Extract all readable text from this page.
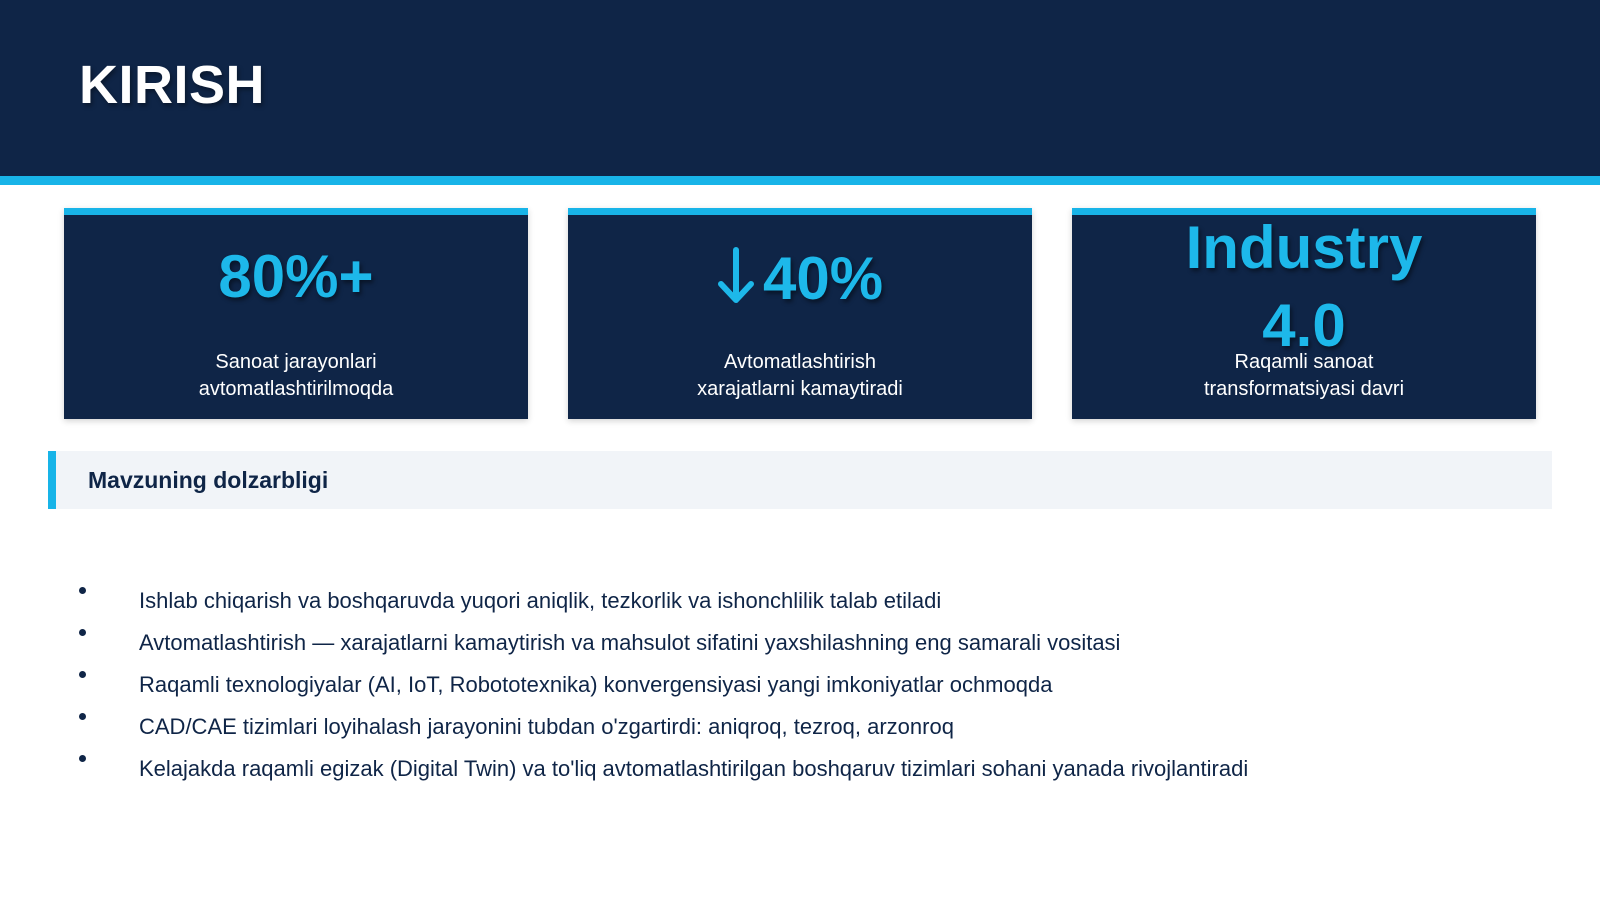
KIRISH
80%+
Sanoat jarayonlari
avtomatlashtirilmoqda
40%
Avtomatlashtirish
xarajatlarni kamaytiradi
Industry
4.0
Raqamli sanoat
transformatsiyasi davri
Mavzuning dolzarbligi
Ishlab chiqarish va boshqaruvda yuqori aniqlik, tezkorlik va ishonchlilik talab etiladi
Avtomatlashtirish — xarajatlarni kamaytirish va mahsulot sifatini yaxshilashning eng samarali vositasi
Raqamli texnologiyalar (AI, IoT, Robototexnika) konvergensiyasi yangi imkoniyatlar ochmoqda
CAD/CAE tizimlari loyihalash jarayonini tubdan o'zgartirdi: aniqroq, tezroq, arzonroq
Kelajakda raqamli egizak (Digital Twin) va to'liq avtomatlashtirilgan boshqaruv tizimlari sohani yanada rivojlantiradi
